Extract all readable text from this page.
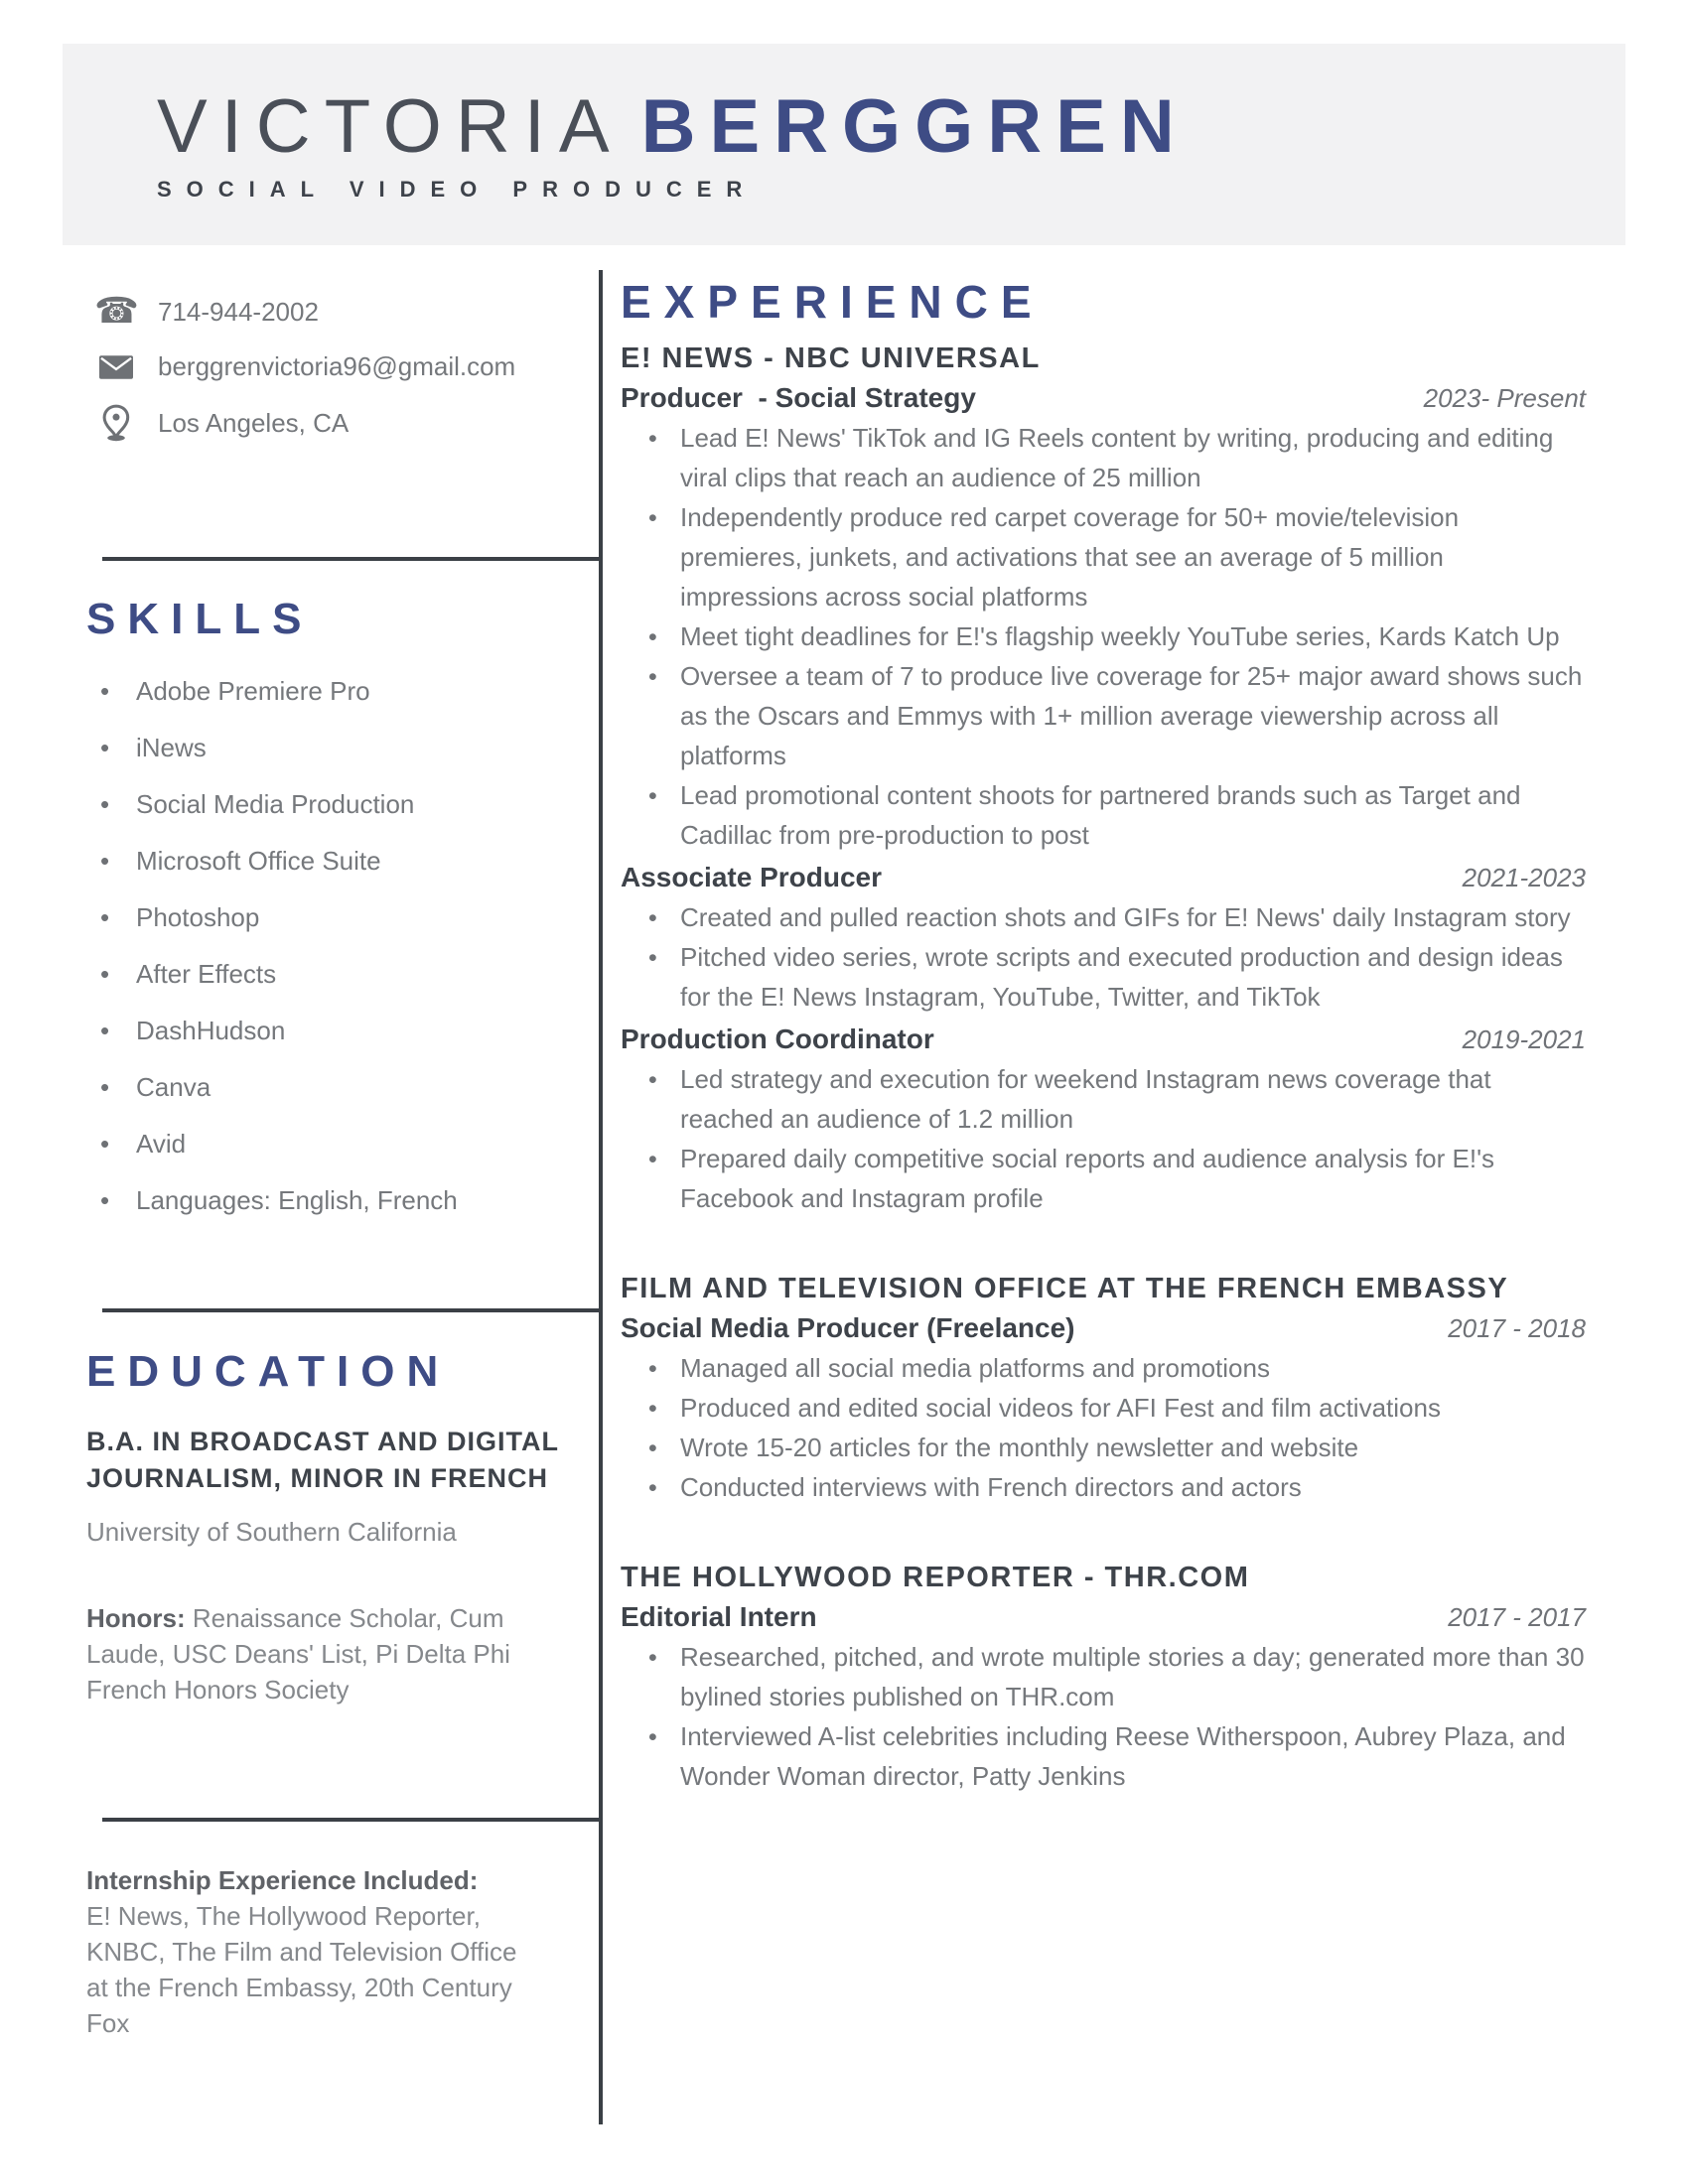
VICTORIA BERGGREN
SOCIAL VIDEO PRODUCER
☎ 714-944-2002
berggrenvictoria96@gmail.com
Los Angeles, CA
SKILLS
• Adobe Premiere Pro
• iNews
• Social Media Production
• Microsoft Office Suite
• Photoshop
• After Effects
• DashHudson
• Canva
• Avid
• Languages: English, French
EDUCATION

B.A. IN BROADCAST AND DIGITAL JOURNALISM, MINOR IN FRENCH

University of Southern California

Honors: Renaissance Scholar, Cum Laude, USC Deans' List, Pi Delta Phi French Honors Society

Internship Experience Included:

E! News, The Hollywood Reporter, KNBC, The Film and Television Office at the French Embassy, 20th Century Fox

EXPERIENCE
E! NEWS - NBC UNIVERSAL
Producer  - Social Strategy	2023- Present
• Lead E! News' TikTok and IG Reels content by writing, producing and editing viral clips that reach an audience of 25 million
• Independently produce red carpet coverage for 50+ movie/television premieres, junkets, and activations that see an average of 5 million impressions across social platforms
• Meet tight deadlines for E!'s flagship weekly YouTube series, Kards Katch Up
• Oversee a team of 7 to produce live coverage for 25+ major award shows such as the Oscars and Emmys with 1+ million average viewership across all platforms
• Lead promotional content shoots for partnered brands such as Target and Cadillac from pre-production to post
Associate Producer	2021-2023
• Created and pulled reaction shots and GIFs for E! News' daily Instagram story
• Pitched video series, wrote scripts and executed production and design ideas for the E! News Instagram, YouTube, Twitter, and TikTok
Production Coordinator	2019-2021
• Led strategy and execution for weekend Instagram news coverage that reached an audience of 1.2 million
• Prepared daily competitive social reports and audience analysis for E!'s Facebook and Instagram profile
FILM AND TELEVISION OFFICE AT THE FRENCH EMBASSY
Social Media Producer (Freelance)	2017 - 2018
• Managed all social media platforms and promotions
• Produced and edited social videos for AFI Fest and film activations
• Wrote 15-20 articles for the monthly newsletter and website
• Conducted interviews with French directors and actors
THE HOLLYWOOD REPORTER - THR.COM
Editorial Intern	2017 - 2017
• Researched, pitched, and wrote multiple stories a day; generated more than 30 bylined stories published on THR.com
• Interviewed A-list celebrities including Reese Witherspoon, Aubrey Plaza, and Wonder Woman director, Patty Jenkins
